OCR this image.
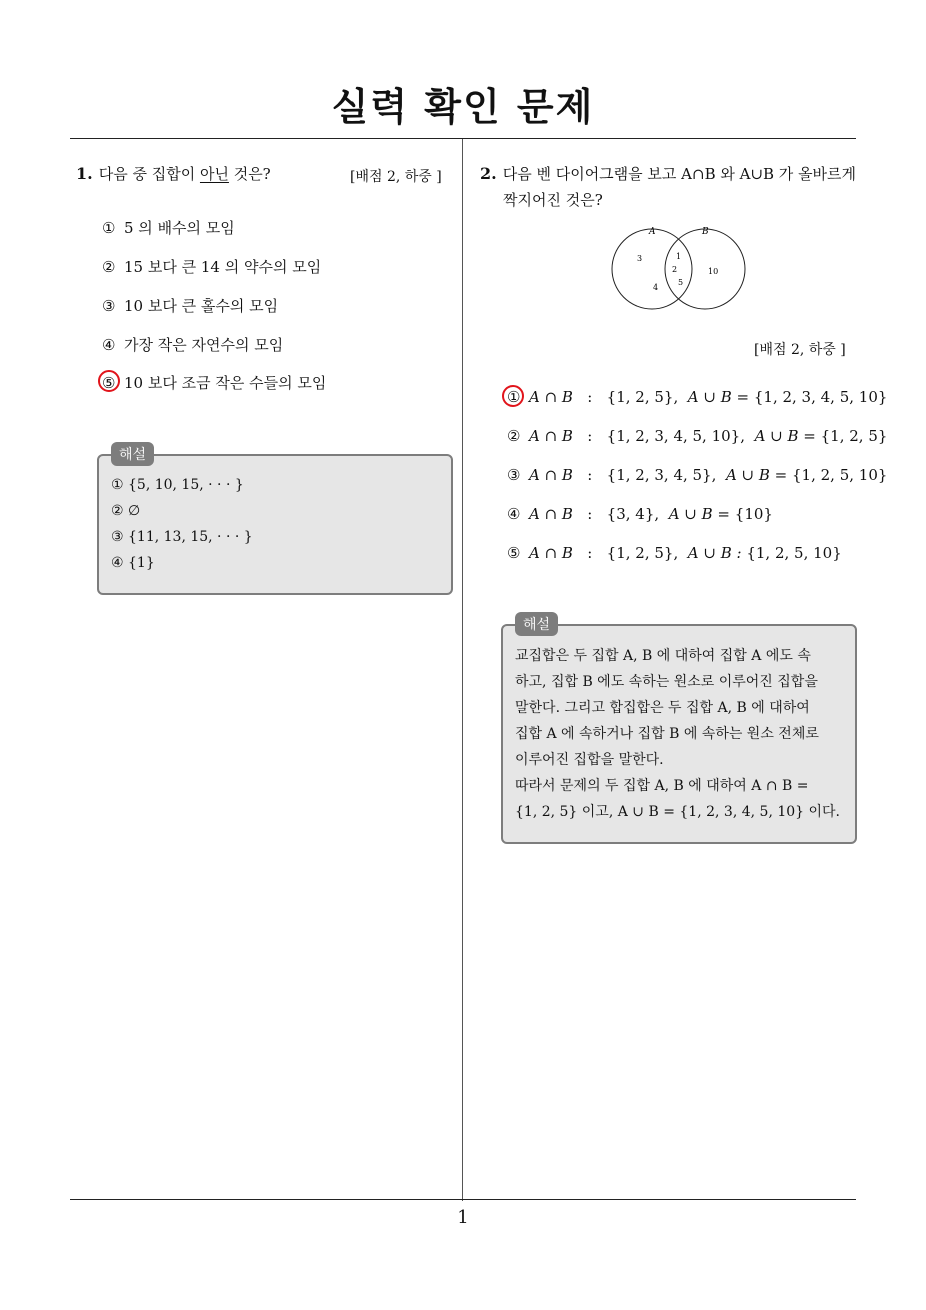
실력 확인 문제
1. 다음 중 집합이 아닌 것은?	[배점 2, 하중 ]
① 5 의 배수의 모임
② 15 보다 큰 14 의 약수의 모임
③ 10 보다 큰 홀수의 모임
④ 가장 작은 자연수의 모임
⑤ 10 보다 조금 작은 수들의 모임
① {5, 10, 15, · · · }
② ∅
③ {11, 13, 15, · · · }
④ {1}
해설
2. 다음 벤 다이어그램을 보고 A∩B 와 A∪B 가 올바르게
짝지어진 것은?
A	B
3
4
1
2
5
10
[배점 2, 하중 ]
① A ∩ B : {1, 2, 5}, A ∪ B = {1, 2, 3, 4, 5, 10}
② A ∩ B : {1, 2, 3, 4, 5, 10}, A ∪ B = {1, 2, 5}
③ A ∩ B : {1, 2, 3, 4, 5}, A ∪ B = {1, 2, 5, 10}
④ A ∩ B : {3, 4}, A ∪ B = {10}
⑤ A ∩ B : {1, 2, 5}, A ∪ B : {1, 2, 5, 10}
교집합은 두 집합 A, B 에 대하여 집합 A 에도 속
하고, 집합 B 에도 속하는 원소로 이루어진 집합을
말한다. 그리고 합집합은 두 집합 A, B 에 대하여
집합 A 에 속하거나 집합 B 에 속하는 원소 전체로
이루어진 집합을 말한다.
따라서 문제의 두 집합 A, B 에 대하여 A ∩ B =
{1, 2, 5} 이고, A ∪ B = {1, 2, 3, 4, 5, 10} 이다.
해설
1
